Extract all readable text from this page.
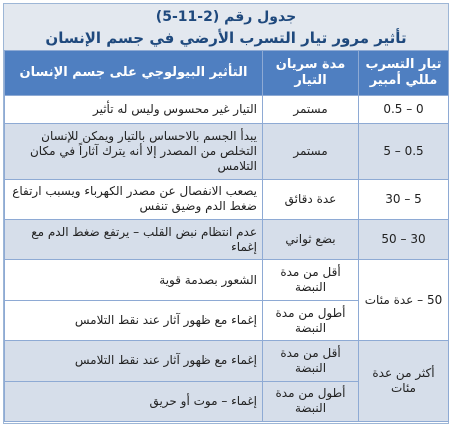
جدول رقم (2-11-5)
تأثير مرور تيار التسرب الأرضي في جسم الإنسان
تيار التسرب مللي أمبير	مدة سريان التيار	التأثير البيولوجي على جسم الإنسان
0 – 0.5	مستمر	التيار غير محسوس وليس له تأثير
0.5 – 5	مستمر	يبدأ الجسم بالاحساس بالتيار ويمكن للإنسان التخلص من المصدر إلا أنه يترك آثاراً في مكان التلامس
5 – 30	عدة دقائق	يصعب الانفصال عن مصدر الكهرباء ويسبب ارتفاع ضغط الدم وضيق تنفس
30 – 50	بضع ثواني	عدم انتظام نبض القلب – يرتفع ضغط الدم مع إغماء
50 – عدة مئات	أقل من مدة النبضة	الشعور بصدمة قوية
	أطول من مدة النبضة	إغماء مع ظهور آثار عند نقط التلامس
أكثر من عدة مئات	أقل من مدة النبضة	إغماء مع ظهور آثار عند نقط التلامس
	أطول من مدة النبضة	إغماء – موت أو حريق
